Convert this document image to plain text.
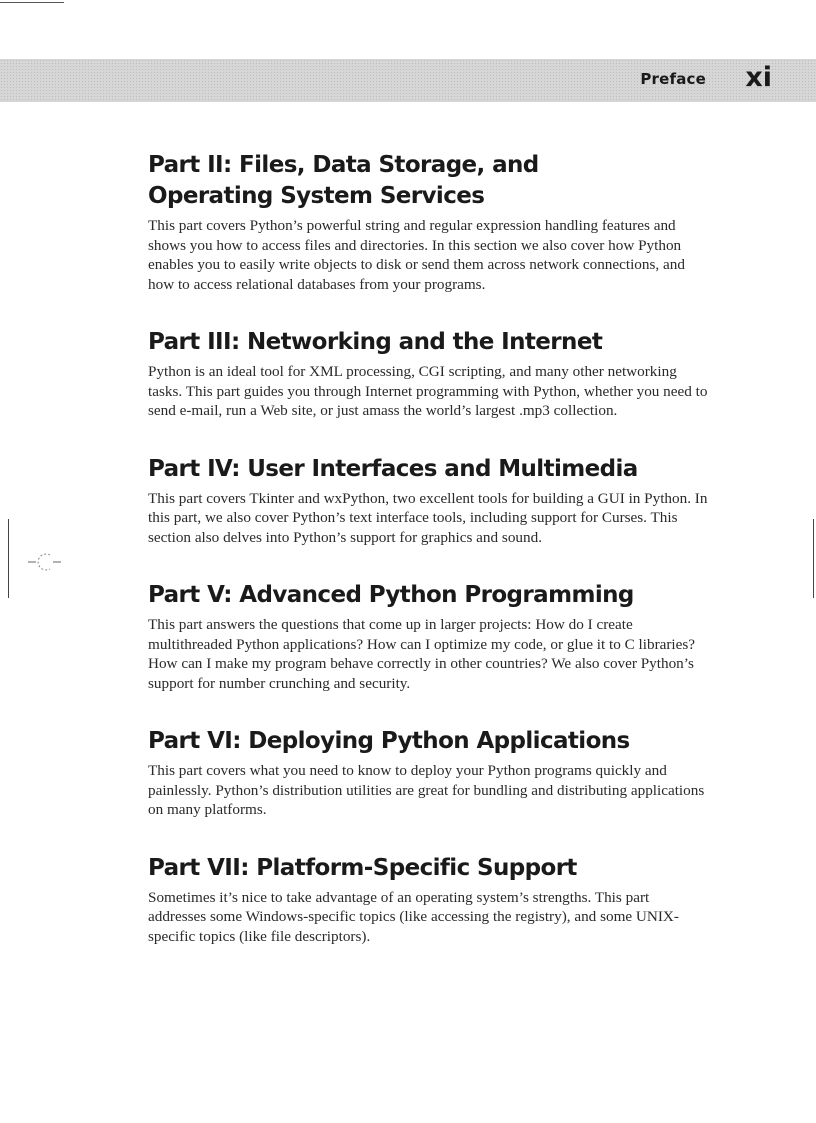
Preface xi
Part II: Files, Data Storage, and
Operating System Services

This part covers Python’s powerful string and regular expression handling features and shows you how to access files and directories. In this section we also cover how Python enables you to easily write objects to disk or send them across network connections, and how to access relational databases from your programs.

Part III: Networking and the Internet

Python is an ideal tool for XML processing, CGI scripting, and many other networking tasks. This part guides you through Internet programming with Python, whether you need to send e-mail, run a Web site, or just amass the world’s largest .mp3 collection.

Part IV: User Interfaces and Multimedia

This part covers Tkinter and wxPython, two excellent tools for building a GUI in Python. In this part, we also cover Python’s text interface tools, including support for Curses. This section also delves into Python’s support for graphics and sound.

Part V: Advanced Python Programming

This part answers the questions that come up in larger projects: How do I create multithreaded Python applications? How can I optimize my code, or glue it to C libraries? How can I make my program behave correctly in other countries? We also cover Python’s support for number crunching and security.

Part VI: Deploying Python Applications

This part covers what you need to know to deploy your Python programs quickly and painlessly. Python’s distribution utilities are great for bundling and distributing applications on many platforms.

Part VII: Platform-Specific Support

Sometimes it’s nice to take advantage of an operating system’s strengths. This part addresses some Windows-specific topics (like accessing the registry), and some UNIX-specific topics (like file descriptors).
